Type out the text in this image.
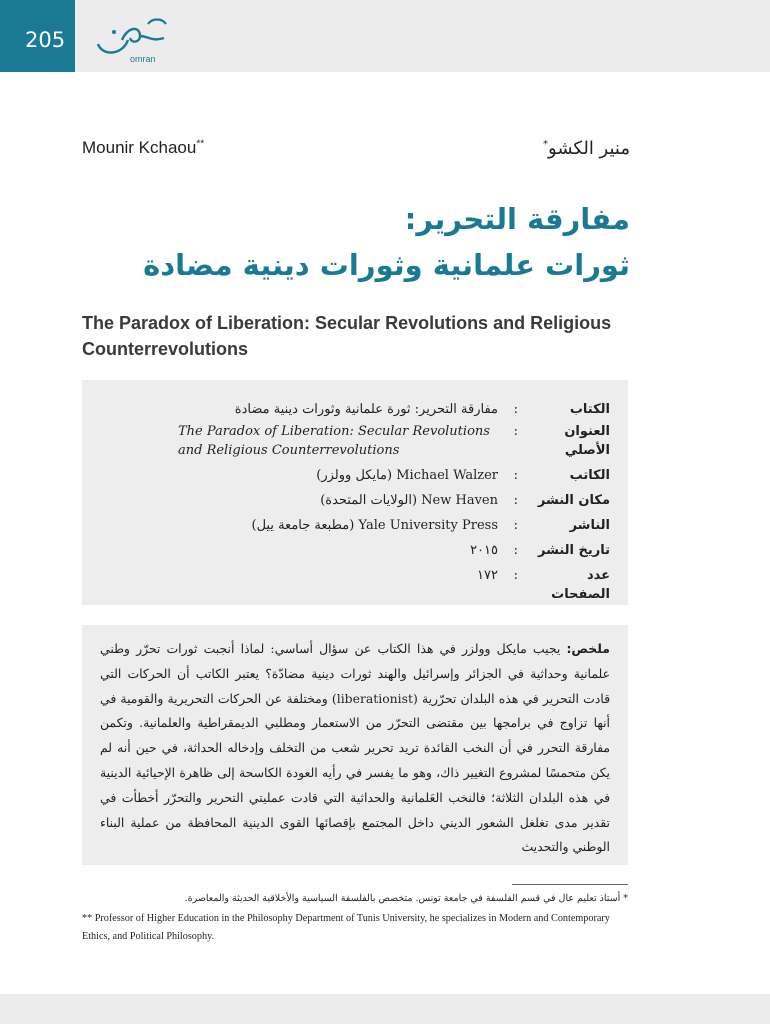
205
omran
Mounir Kchaou**	منير الكشو*
مفارقة التحرير:
ثورات علمانية وثورات دينية مضادة
The Paradox of Liberation: Secular Revolutions and Religious Counterrevolutions
الكتاب
:
مفارقة التحرير: ثورة علمانية وثورات دينية مضادة
العنوان الأصلي
:
The Paradox of Liberation: Secular Revolutions and Religious Counterrevolutions
الكاتب
:
Michael Walzer (مايكل وولزر)
مكان النشر
:
New Haven (الولايات المتحدة)
الناشر
:
Yale University Press (مطبعة جامعة ييل)
تاريخ النشر
:
٢٠١٥
عدد الصفحات
:
١٧٢
ملخص: يجيب مايكل وولزر في هذا الكتاب عن سؤال أساسي: لماذا أنجبت ثورات تحرّر وطني علمانية وحداثية في الجزائر وإسرائيل والهند ثورات دينية مضادّة؟ يعتبر الكاتب أن الحركات التي قادت التحرير في هذه البلدان تحرّرية (liberationist) ومختلفة عن الحركات التحريرية والقومية في أنها تزاوج في برامجها بين مقتضى التحرّر من الاستعمار ومطلبي الديمقراطية والعلمانية. وتكمن مفارقة التحرر في أن النخب القائدة تريد تحرير شعب من التخلف وإدخاله الحداثة، في حين أنه لم يكن متحمسًا لمشروع التغيير ذاك، وهو ما يفسر في رأيه العودة الكاسحة إلى ظاهرة الإحيائية الدينية في هذه البلدان الثلاثة؛ فالنخب العَلمانية والحداثية التي قادت عمليتي التحرير والتحرّر أخطأت في تقدير مدى تغلغل الشعور الديني داخل المجتمع بإقصائها القوى الدينية المحافظة من عملية البناء الوطني والتحديث
* أستاذ تعليم عال في قسم الفلسفة في جامعة تونس. متخصص بالفلسفة السياسية والأخلاقية الحديثة والمعاصرة.
** Professor of Higher Education in the Philosophy Department of Tunis University, he specializes in Modern and Contemporary Ethics, and Political Philosophy.
